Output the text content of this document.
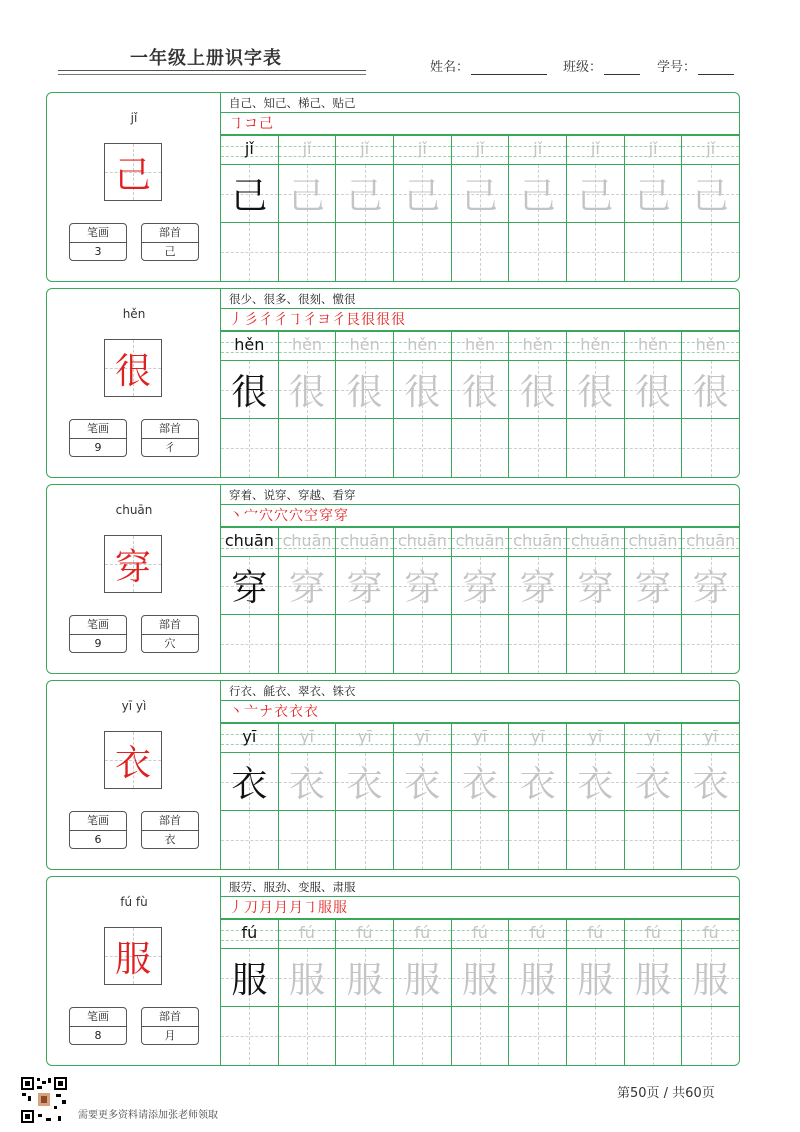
一年级上册识字表	姓名：	班级：	学号：
jǐ
己
笔画
3
部首
己
自己、知己、梯己、贴己
㇆コ己
jǐ	jǐ	jǐ	jǐ	jǐ	jǐ	jǐ	jǐ	jǐ
己 己 己 己 己 己 己 己 己
hěn
很
笔画
9
部首
彳
很少、很多、很刻、憿很
丿彡彳彳㇆彳ヨ彳艮很很很
hěn	hěn	hěn	hěn	hěn	hěn	hěn	hěn	hěn
很 很 很 很 很 很 很 很 很
chuān
穿
笔画
9
部首
穴
穿着、说穿、穿越、看穿
丶宀穴穴穴空穿穿
chuān chuān chuān chuān chuān chuān chuān chuān chuān
穿 穿 穿 穿 穿 穿 穿 穿 穿
yī yì
衣
笔画
6
部首
衣
行衣、毹衣、翠衣、铢衣
丶亠ナ衣衣衣
yī	yī	yī	yī	yī	yī	yī	yī	yī
衣 衣 衣 衣 衣 衣 衣 衣 衣
fú fù
服
笔画
8
部首
月
服劳、服劲、变服、肃服
丿刀月月月㇆服服
fú	fú	fú	fú	fú	fú	fú	fú	fú
服 服 服 服 服 服 服 服 服
需要更多资料请添加张老师领取
第50页 / 共60页
